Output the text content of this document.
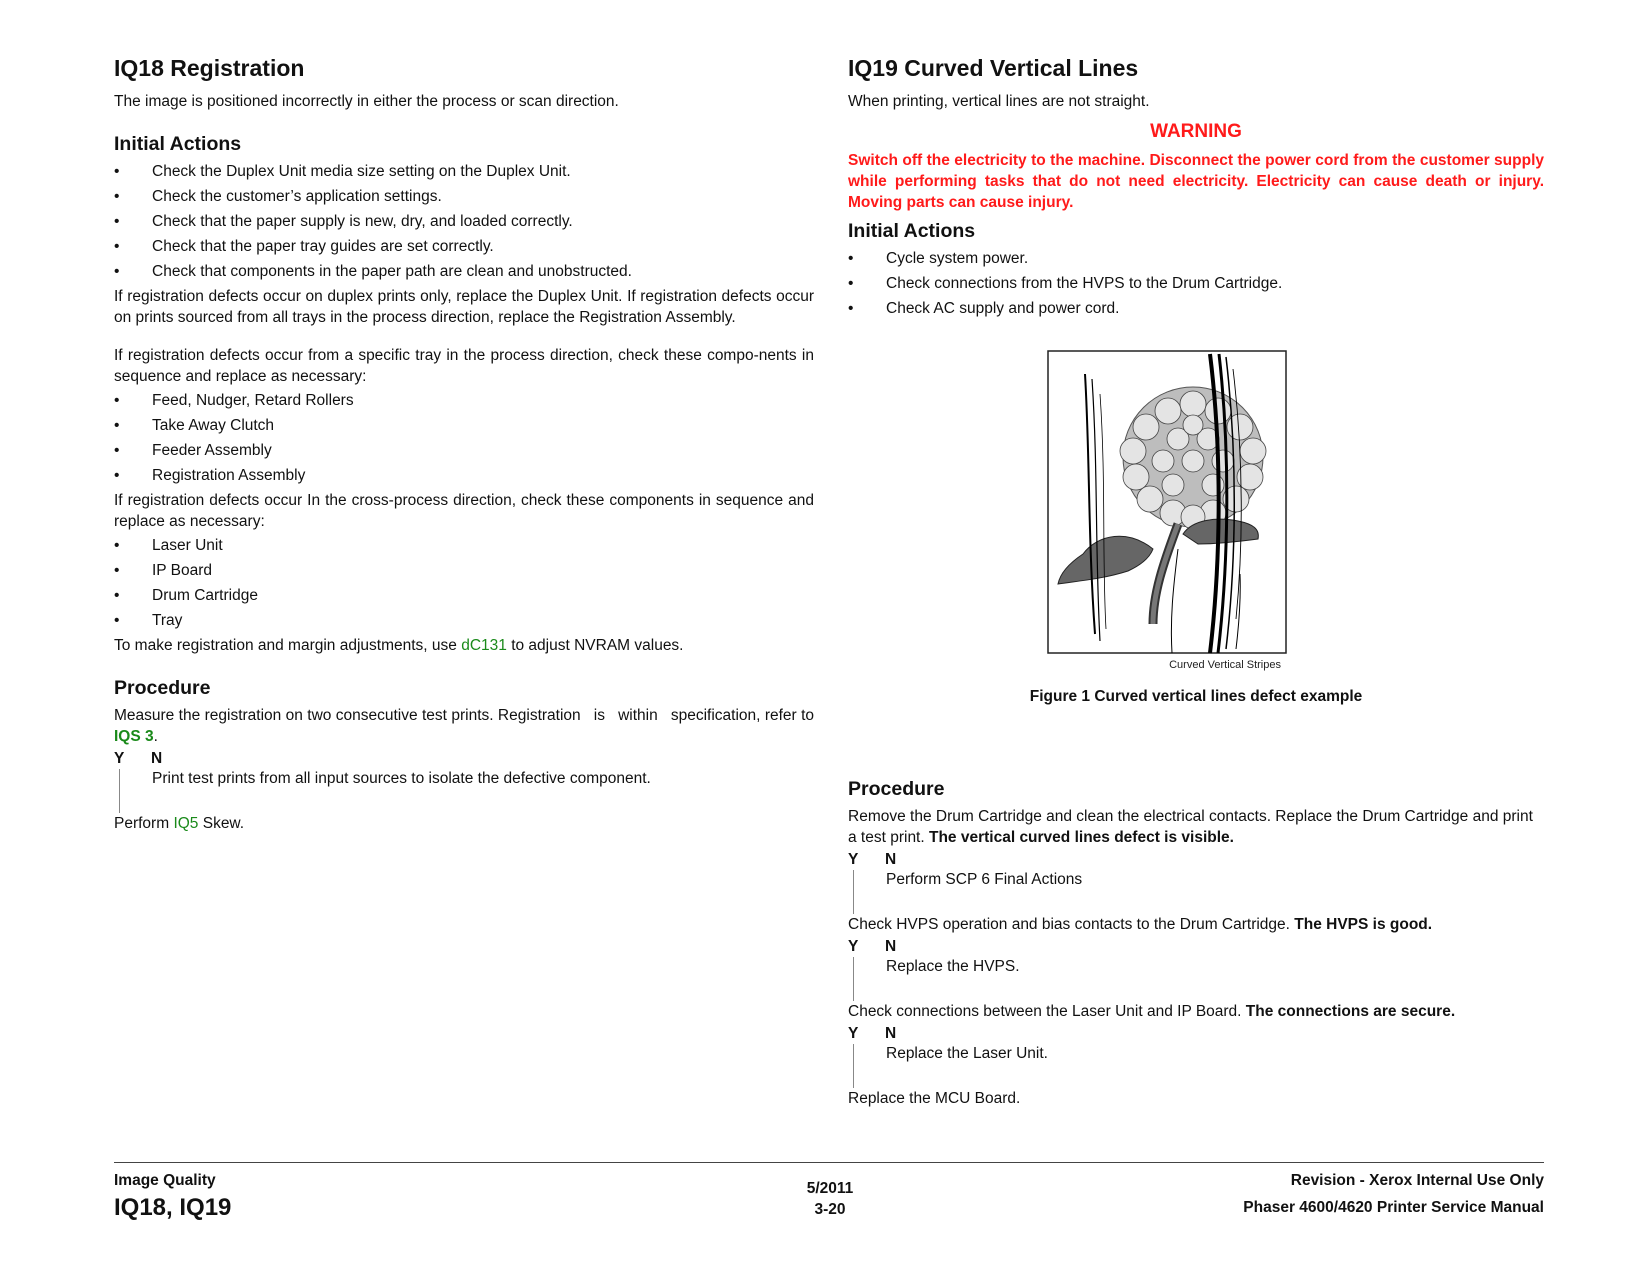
IQ18 Registration

The image is positioned incorrectly in either the process or scan direction.

Initial Actions
• Check the Duplex Unit media size setting on the Duplex Unit.
• Check the customer’s application settings.
• Check that the paper supply is new, dry, and loaded correctly.
• Check that the paper tray guides are set correctly.
• Check that components in the paper path are clean and unobstructed.

If registration defects occur on duplex prints only, replace the Duplex Unit. If registration defects occur on prints sourced from all trays in the process direction, replace the Registration Assembly.

If registration defects occur from a specific tray in the process direction, check these compo-nents in sequence and replace as necessary:

• Feed, Nudger, Retard Rollers
• Take Away Clutch
• Feeder Assembly
• Registration Assembly

If registration defects occur In the cross-process direction, check these components in sequence and replace as necessary:

• Laser Unit
• IP Board
• Drum Cartridge
• Tray

To make registration and margin adjustments, use dC131 to adjust NVRAM values.

Procedure

Measure the registration on two consecutive test prints. Registration   is   within   specification, refer to IQS 3.

Y N
Print test prints from all input sources to isolate the defective component.

Perform IQ5 Skew.

IQ19 Curved Vertical Lines

When printing, vertical lines are not straight.

WARNING

Switch off the electricity to the machine. Disconnect the power cord from the customer supply while performing tasks that do not need electricity. Electricity can cause death or injury. Moving parts can cause injury.

Initial Actions
• Cycle system power.
• Check connections from the HVPS to the Drum Cartridge.
• Check AC supply and power cord.
Curved Vertical Stripes
Figure 1 Curved vertical lines defect example
Procedure

Remove the Drum Cartridge and clean the electrical contacts. Replace the Drum Cartridge and print a test print. The vertical curved lines defect is visible.

Y N
Perform SCP 6 Final Actions

Check HVPS operation and bias contacts to the Drum Cartridge. The HVPS is good.

Y N
Replace the HVPS.

Check connections between the Laser Unit and IP Board. The connections are secure.

Y N
Replace the Laser Unit.

Replace the MCU Board.

Image Quality
IQ18, IQ19
5/2011
3-20
Revision - Xerox Internal Use Only
Phaser 4600/4620 Printer Service Manual
